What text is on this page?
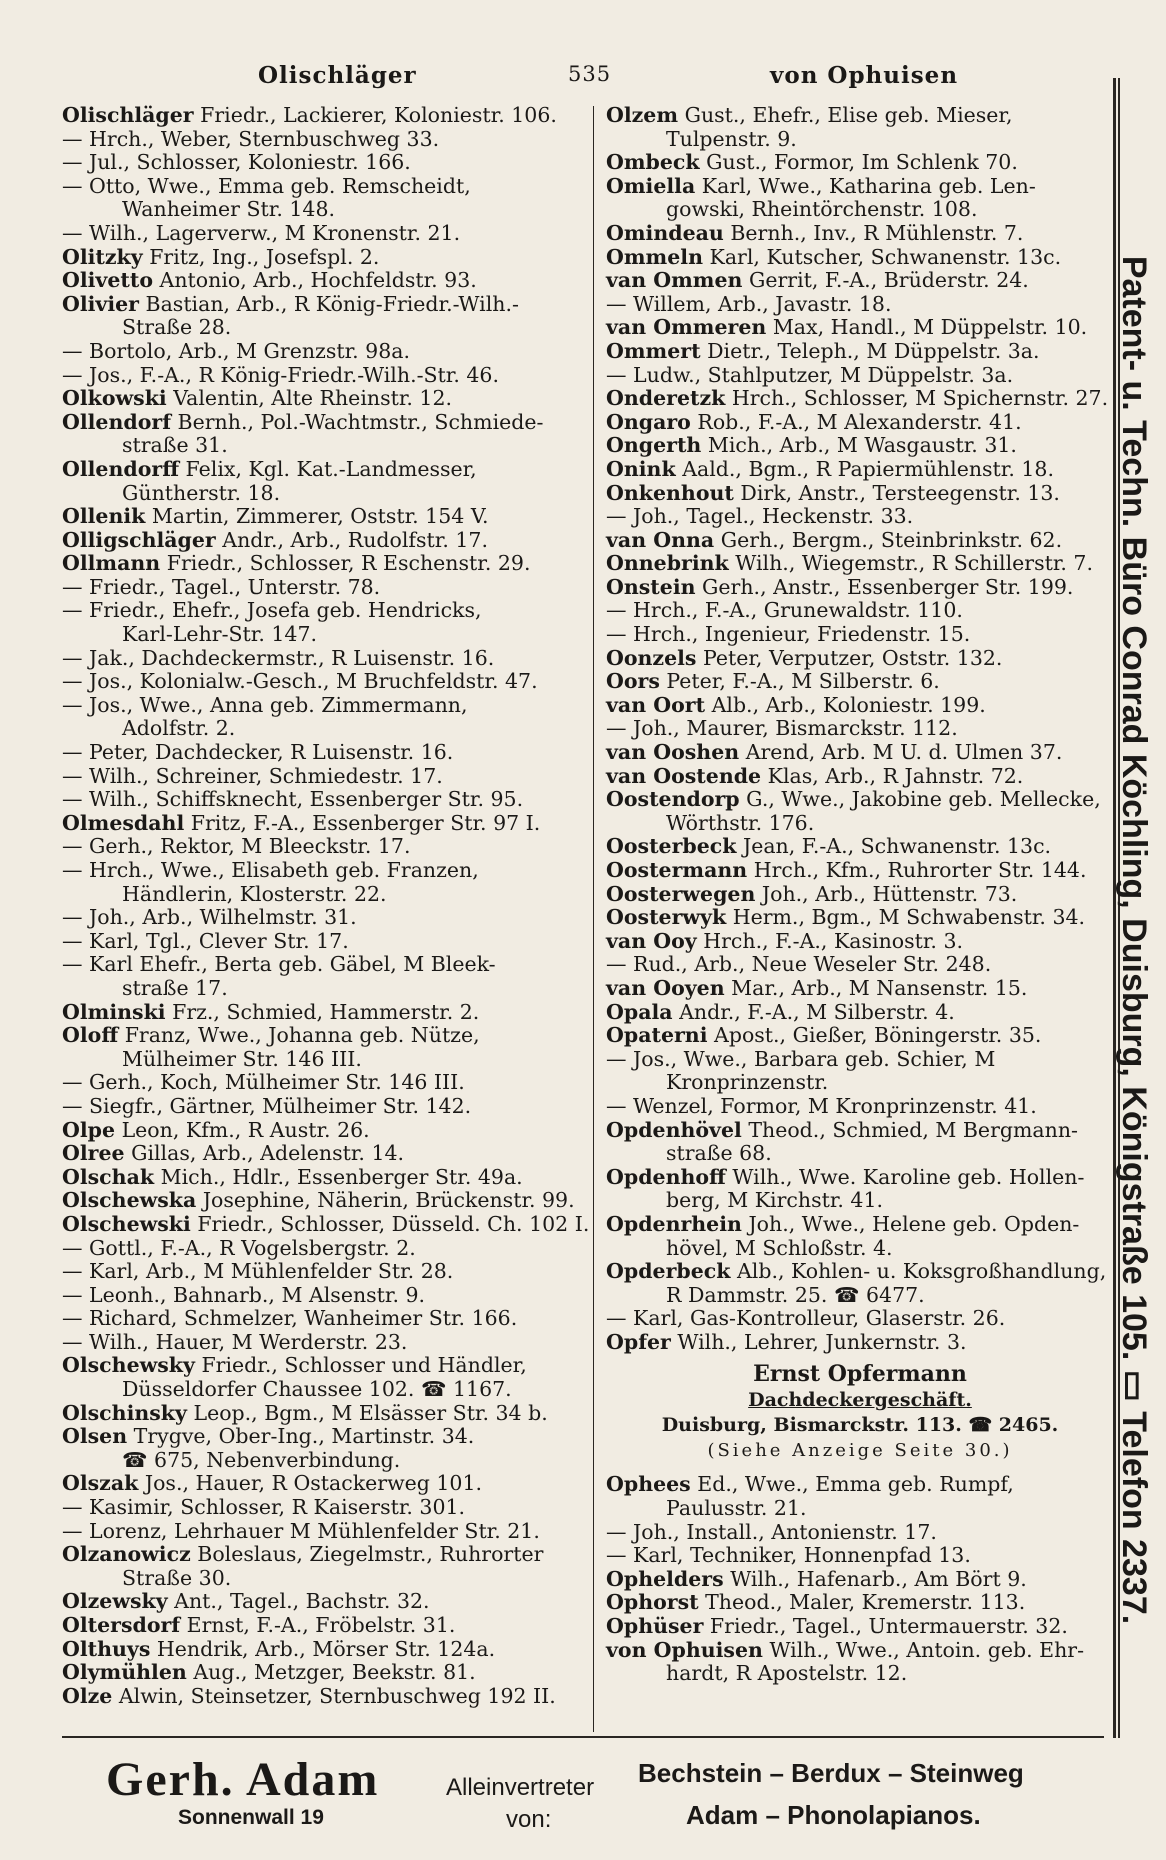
Olischläger	535	von Ophuisen
Olischläger Friedr., Lackierer, Koloniestr. 106.
— Hrch., Weber, Sternbuschweg 33.
— Jul., Schlosser, Koloniestr. 166.
— Otto, Wwe., Emma geb. Remscheidt,
Wanheimer Str. 148.
— Wilh., Lagerverw., M Kronenstr. 21.
Olitzky Fritz, Ing., Josefspl. 2.
Olivetto Antonio, Arb., Hochfeldstr. 93.
Olivier Bastian, Arb., R König-Friedr.-Wilh.-
Straße 28.
— Bortolo, Arb., M Grenzstr. 98a.
— Jos., F.-A., R König-Friedr.-Wilh.-Str. 46.
Olkowski Valentin, Alte Rheinstr. 12.
Ollendorf Bernh., Pol.-Wachtmstr., Schmiede-
straße 31.
Ollendorff Felix, Kgl. Kat.-Landmesser,
Güntherstr. 18.
Ollenik Martin, Zimmerer, Oststr. 154 V.
Olligschläger Andr., Arb., Rudolfstr. 17.
Ollmann Friedr., Schlosser, R Eschenstr. 29.
— Friedr., Tagel., Unterstr. 78.
— Friedr., Ehefr., Josefa geb. Hendricks,
Karl-Lehr-Str. 147.
— Jak., Dachdeckermstr., R Luisenstr. 16.
— Jos., Kolonialw.-Gesch., M Bruchfeldstr. 47.
— Jos., Wwe., Anna geb. Zimmermann,
Adolfstr. 2.
— Peter, Dachdecker, R Luisenstr. 16.
— Wilh., Schreiner, Schmiedestr. 17.
— Wilh., Schiffsknecht, Essenberger Str. 95.
Olmesdahl Fritz, F.-A., Essenberger Str. 97 I.
— Gerh., Rektor, M Bleeckstr. 17.
— Hrch., Wwe., Elisabeth geb. Franzen,
Händlerin, Klosterstr. 22.
— Joh., Arb., Wilhelmstr. 31.
— Karl, Tgl., Clever Str. 17.
— Karl Ehefr., Berta geb. Gäbel, M Bleek-
straße 17.
Olminski Frz., Schmied, Hammerstr. 2.
Oloff Franz, Wwe., Johanna geb. Nütze,
Mülheimer Str. 146 III.
— Gerh., Koch, Mülheimer Str. 146 III.
— Siegfr., Gärtner, Mülheimer Str. 142.
Olpe Leon, Kfm., R Austr. 26.
Olree Gillas, Arb., Adelenstr. 14.
Olschak Mich., Hdlr., Essenberger Str. 49a.
Olschewska Josephine, Näherin, Brückenstr. 99.
Olschewski Friedr., Schlosser, Düsseld. Ch. 102 I.
— Gottl., F.-A., R Vogelsbergstr. 2.
— Karl, Arb., M Mühlenfelder Str. 28.
— Leonh., Bahnarb., M Alsenstr. 9.
— Richard, Schmelzer, Wanheimer Str. 166.
— Wilh., Hauer, M Werderstr. 23.
Olschewsky Friedr., Schlosser und Händler,
Düsseldorfer Chaussee 102. ☎ 1167.
Olschinsky Leop., Bgm., M Elsässer Str. 34 b.
Olsen Trygve, Ober-Ing., Martinstr. 34.
☎ 675, Nebenverbindung.
Olszak Jos., Hauer, R Ostackerweg 101.
— Kasimir, Schlosser, R Kaiserstr. 301.
— Lorenz, Lehrhauer M Mühlenfelder Str. 21.
Olzanowicz Boleslaus, Ziegelmstr., Ruhrorter
Straße 30.
Olzewsky Ant., Tagel., Bachstr. 32.
Oltersdorf Ernst, F.-A., Fröbelstr. 31.
Olthuys Hendrik, Arb., Mörser Str. 124a.
Olymühlen Aug., Metzger, Beekstr. 81.
Olze Alwin, Steinsetzer, Sternbuschweg 192 II.
Olzem Gust., Ehefr., Elise geb. Mieser,
Tulpenstr. 9.
Ombeck Gust., Formor, Im Schlenk 70.
Omiella Karl, Wwe., Katharina geb. Len-
gowski, Rheintörchenstr. 108.
Omindeau Bernh., Inv., R Mühlenstr. 7.
Ommeln Karl, Kutscher, Schwanenstr. 13c.
van Ommen Gerrit, F.-A., Brüderstr. 24.
— Willem, Arb., Javastr. 18.
van Ommeren Max, Handl., M Düppelstr. 10.
Ommert Dietr., Teleph., M Düppelstr. 3a.
— Ludw., Stahlputzer, M Düppelstr. 3a.
Onderetzk Hrch., Schlosser, M Spichernstr. 27.
Ongaro Rob., F.-A., M Alexanderstr. 41.
Ongerth Mich., Arb., M Wasgaustr. 31.
Onink Aald., Bgm., R Papiermühlenstr. 18.
Onkenhout Dirk, Anstr., Tersteegenstr. 13.
— Joh., Tagel., Heckenstr. 33.
van Onna Gerh., Bergm., Steinbrinkstr. 62.
Onnebrink Wilh., Wiegemstr., R Schillerstr. 7.
Onstein Gerh., Anstr., Essenberger Str. 199.
— Hrch., F.-A., Grunewaldstr. 110.
— Hrch., Ingenieur, Friedenstr. 15.
Oonzels Peter, Verputzer, Oststr. 132.
Oors Peter, F.-A., M Silberstr. 6.
van Oort Alb., Arb., Koloniestr. 199.
— Joh., Maurer, Bismarckstr. 112.
van Ooshen Arend, Arb. M U. d. Ulmen 37.
van Oostende Klas, Arb., R Jahnstr. 72.
Oostendorp G., Wwe., Jakobine geb. Mellecke,
Wörthstr. 176.
Oosterbeck Jean, F.-A., Schwanenstr. 13c.
Oostermann Hrch., Kfm., Ruhrorter Str. 144.
Oosterwegen Joh., Arb., Hüttenstr. 73.
Oosterwyk Herm., Bgm., M Schwabenstr. 34.
van Ooy Hrch., F.-A., Kasinostr. 3.
— Rud., Arb., Neue Weseler Str. 248.
van Ooyen Mar., Arb., M Nansenstr. 15.
Opala Andr., F.-A., M Silberstr. 4.
Opaterni Apost., Gießer, Böningerstr. 35.
— Jos., Wwe., Barbara geb. Schier, M
Kronprinzenstr.
— Wenzel, Formor, M Kronprinzenstr. 41.
Opdenhövel Theod., Schmied, M Bergmann-
straße 68.
Opdenhoff Wilh., Wwe. Karoline geb. Hollen-
berg, M Kirchstr. 41.
Opdenrhein Joh., Wwe., Helene geb. Opden-
hövel, M Schloßstr. 4.
Opderbeck Alb., Kohlen- u. Koksgroßhandlung,
R Dammstr. 25. ☎ 6477.
— Karl, Gas-Kontrolleur, Glaserstr. 26.
Opfer Wilh., Lehrer, Junkernstr. 3.
Ernst Opfermann
Dachdeckergeschäft.
Duisburg, Bismarckstr. 113. ☎ 2465.
(Siehe Anzeige Seite 30.)
Ophees Ed., Wwe., Emma geb. Rumpf,
Paulusstr. 21.
— Joh., Install., Antonienstr. 17.
— Karl, Techniker, Honnenpfad 13.
Ophelders Wilh., Hafenarb., Am Bört 9.
Ophorst Theod., Maler, Kremerstr. 113.
Ophüser Friedr., Tagel., Untermauerstr. 32.
von Ophuisen Wilh., Wwe., Antoin. geb. Ehr-
hardt, R Apostelstr. 12.
Patent- u. Techn. Büro Conrad Köchling, Duisburg, Königstraße 105. ▭ Telefon 2337.
Gerh. Adam
Sonnenwall 19
Alleinvertreter
von:
Bechstein – Berdux – Steinweg
Adam – Phonolapianos.
